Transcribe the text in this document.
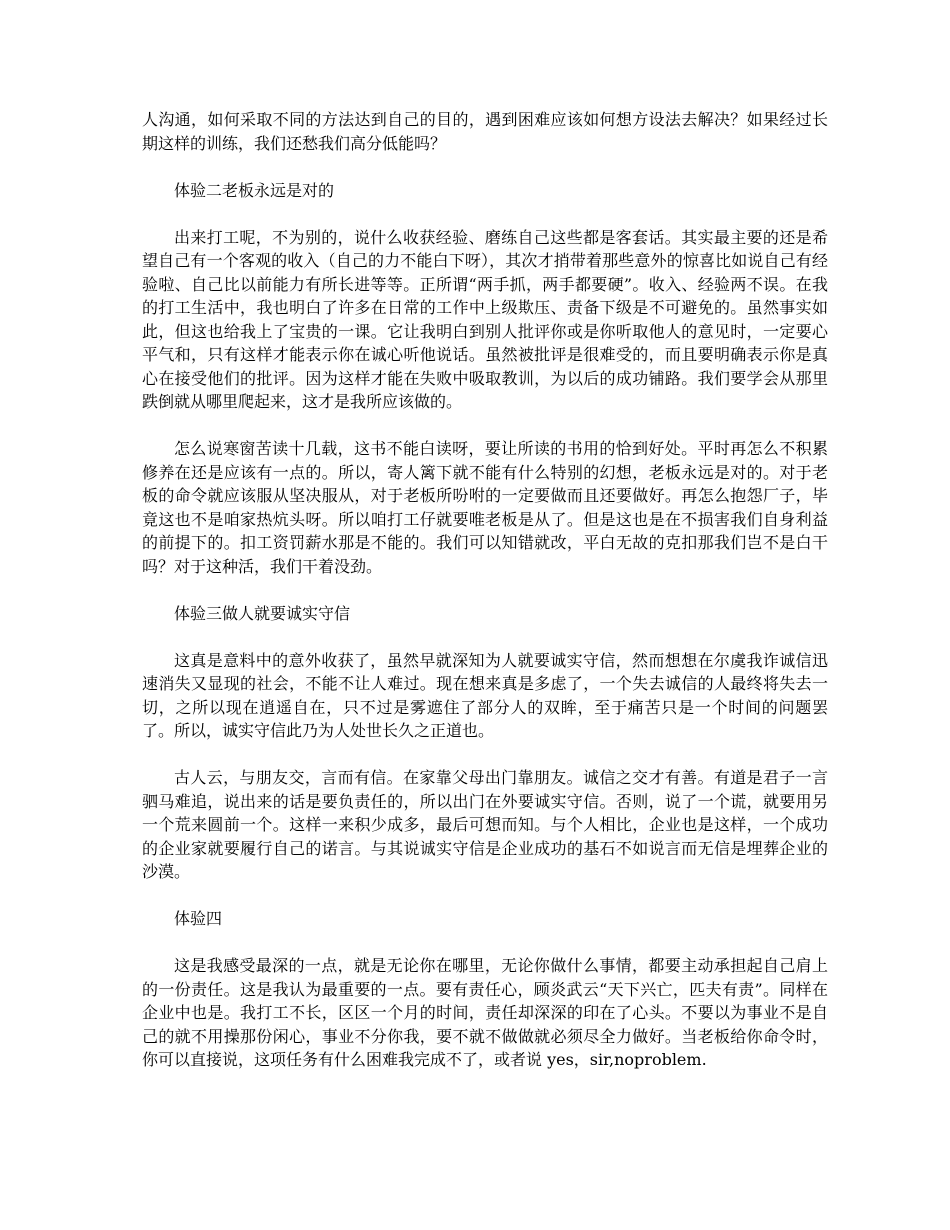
人沟通，如何采取不同的方法达到自己的目的，遇到困难应该如何想方设法去解决？如果经过长期这样的训练，我们还愁我们高分低能吗？
体验二老板永远是对的
出来打工呢，不为别的，说什么收获经验、磨练自己这些都是客套话。其实最主要的还是希望自己有一个客观的收入（自己的力不能白下呀），其次才捎带着那些意外的惊喜比如说自己有经验啦、自己比以前能力有所长进等等。正所谓“两手抓，两手都要硬”。收入、经验两不误。在我的打工生活中，我也明白了许多在日常的工作中上级欺压、责备下级是不可避免的。虽然事实如此，但这也给我上了宝贵的一课。它让我明白到别人批评你或是你听取他人的意见时，一定要心平气和，只有这样才能表示你在诚心听他说话。虽然被批评是很难受的，而且要明确表示你是真心在接受他们的批评。因为这样才能在失败中吸取教训，为以后的成功铺路。我们要学会从那里跌倒就从哪里爬起来，这才是我所应该做的。
怎么说寒窗苦读十几载，这书不能白读呀，要让所读的书用的恰到好处。平时再怎么不积累修养在还是应该有一点的。所以，寄人篱下就不能有什么特别的幻想，老板永远是对的。对于老板的命令就应该服从坚决服从，对于老板所吩咐的一定要做而且还要做好。再怎么抱怨厂子，毕竟这也不是咱家热炕头呀。所以咱打工仔就要唯老板是从了。但是这也是在不损害我们自身利益的前提下的。扣工资罚薪水那是不能的。我们可以知错就改，平白无故的克扣那我们岂不是白干吗？对于这种活，我们干着没劲。
体验三做人就要诚实守信
这真是意料中的意外收获了，虽然早就深知为人就要诚实守信，然而想想在尔虞我诈诚信迅速消失又显现的社会，不能不让人难过。现在想来真是多虑了，一个失去诚信的人最终将失去一切，之所以现在逍遥自在，只不过是雾遮住了部分人的双眸，至于痛苦只是一个时间的问题罢了。所以，诚实守信此乃为人处世长久之正道也。
古人云，与朋友交，言而有信。在家靠父母出门靠朋友。诚信之交才有善。有道是君子一言驷马难追，说出来的话是要负责任的，所以出门在外要诚实守信。否则，说了一个谎，就要用另一个荒来圆前一个。这样一来积少成多，最后可想而知。与个人相比，企业也是这样，一个成功的企业家就要履行自己的诺言。与其说诚实守信是企业成功的基石不如说言而无信是埋葬企业的沙漠。
体验四
这是我感受最深的一点，就是无论你在哪里，无论你做什么事情，都要主动承担起自己肩上的一份责任。这是我认为最重要的一点。要有责任心，顾炎武云“天下兴亡，匹夫有责”。同样在企业中也是。我打工不长，区区一个月的时间，责任却深深的印在了心头。不要以为事业不是自己的就不用操那份闲心，事业不分你我，要不就不做做就必须尽全力做好。当老板给你命令时，你可以直接说，这项任务有什么困难我完成不了，或者说 yes，sir,noproblem.
